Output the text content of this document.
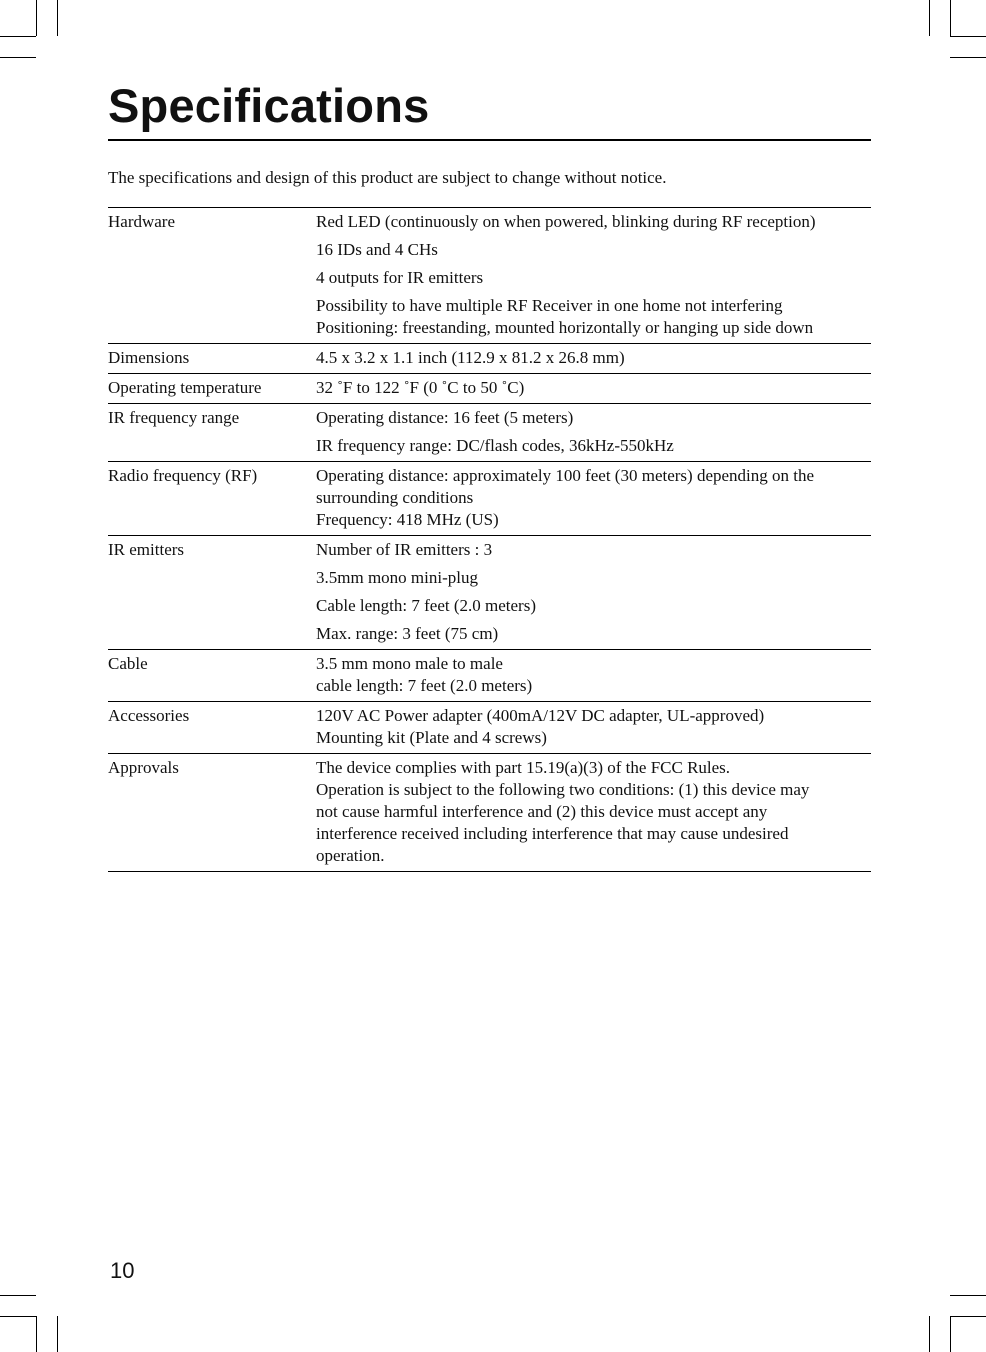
Specifications
The specifications and design of this product are subject to change without notice.
Hardware	Red LED (continuously on when powered, blinking during RF reception)
16 IDs and 4 CHs
4 outputs for IR emitters
Possibility to have multiple RF Receiver in one home not interfering
Positioning: freestanding, mounted horizontally or hanging up side down
Dimensions	4.5 x 3.2 x 1.1 inch (112.9 x 81.2 x 26.8 mm)
Operating temperature	32 ˚F to 122 ˚F (0 ˚C to 50 ˚C)
IR frequency range	Operating distance: 16 feet (5 meters)
IR frequency range: DC/flash codes, 36kHz-550kHz
Radio frequency (RF)	Operating distance: approximately 100 feet (30 meters) depending on the
surrounding conditions
Frequency: 418 MHz (US)
IR emitters	Number of IR emitters : 3
3.5mm mono mini-plug
Cable length: 7 feet (2.0 meters)
Max. range: 3 feet (75 cm)
Cable	3.5 mm mono male to male
cable length: 7 feet (2.0 meters)
Accessories	120V AC Power adapter (400mA/12V DC adapter, UL-approved)
Mounting kit (Plate and 4 screws)
Approvals	The device complies with part 15.19(a)(3) of the FCC Rules.
Operation is subject to the following two conditions: (1) this device may
not cause harmful interference and (2) this device must accept any
interference received including interference that may cause undesired
operation.
10
